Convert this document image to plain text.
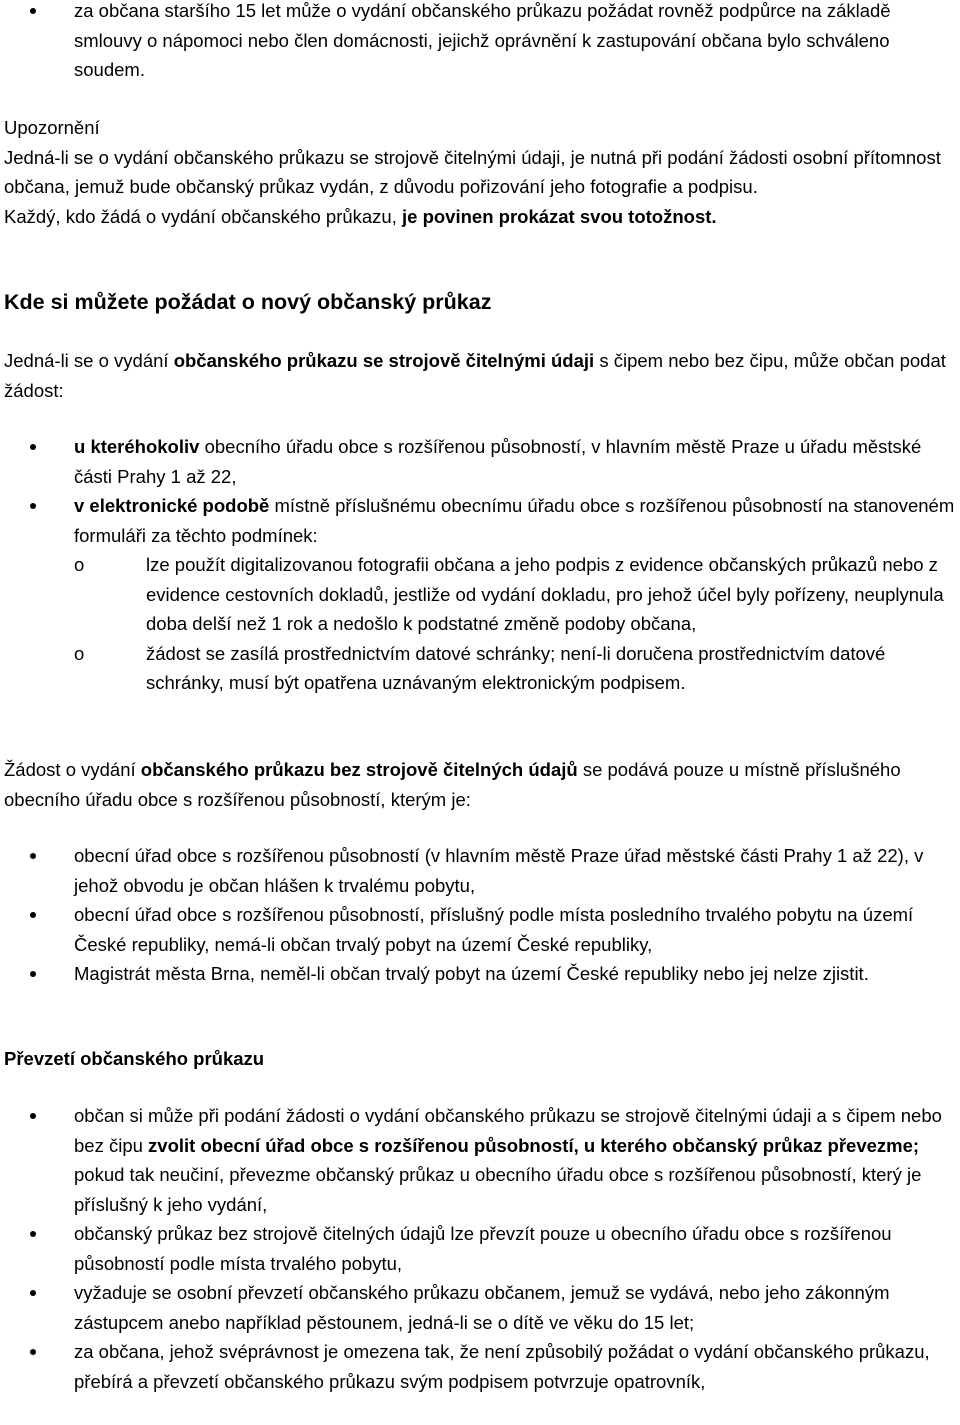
za občana staršího 15 let může o vydání občanského průkazu požádat rovněž podpůrce na základě smlouvy o nápomoci nebo člen domácnosti, jejichž oprávnění k zastupování občana bylo schváleno soudem.

Upozornění

Jedná-li se o vydání občanského průkazu se strojově čitelnými údaji, je nutná při podání žádosti osobní přítomnost občana, jemuž bude občanský průkaz vydán, z důvodu pořizování jeho fotografie a podpisu.

Každý, kdo žádá o vydání občanského průkazu, je povinen prokázat svou totožnost.

Kde si můžete požádat o nový občanský průkaz

Jedná-li se o vydání občanského průkazu se strojově čitelnými údaji s čipem nebo bez čipu, může občan podat žádost:

u kteréhokoliv obecního úřadu obce s rozšířenou působností, v hlavním městě Praze u úřadu městské části Prahy 1 až 22,
v elektronické podobě místně příslušnému obecnímu úřadu obce s rozšířenou působností na stanoveném formuláři za těchto podmínek:
o	lze použít digitalizovanou fotografii občana a jeho podpis z evidence občanských průkazů nebo z evidence cestovních dokladů, jestliže od vydání dokladu, pro jehož účel byly pořízeny, neuplynula doba delší než 1 rok a nedošlo k podstatné změně podoby občana,
o	žádost se zasílá prostřednictvím datové schránky; není-li doručena prostřednictvím datové schránky, musí být opatřena uznávaným elektronickým podpisem.

Žádost o vydání občanského průkazu bez strojově čitelných údajů se podává pouze u místně příslušného obecního úřadu obce s rozšířenou působností, kterým je:

obecní úřad obce s rozšířenou působností (v hlavním městě Praze úřad městské části Prahy 1 až 22), v jehož obvodu je občan hlášen k trvalému pobytu,
obecní úřad obce s rozšířenou působností, příslušný podle místa posledního trvalého pobytu na území České republiky, nemá-li občan trvalý pobyt na území České republiky,
Magistrát města Brna, neměl-li občan trvalý pobyt na území České republiky nebo jej nelze zjistit.

Převzetí občanského průkazu

občan si může při podání žádosti o vydání občanského průkazu se strojově čitelnými údaji a s čipem nebo bez čipu zvolit obecní úřad obce s rozšířenou působností, u kterého občanský průkaz převezme; pokud tak neučiní, převezme občanský průkaz u obecního úřadu obce s rozšířenou působností, který je příslušný k jeho vydání,
občanský průkaz bez strojově čitelných údajů lze převzít pouze u obecního úřadu obce s rozšířenou působností podle místa trvalého pobytu,
vyžaduje se osobní převzetí občanského průkazu občanem, jemuž se vydává, nebo jeho zákonným zástupcem anebo například pěstounem, jedná-li se o dítě ve věku do 15 let;
za občana, jehož svéprávnost je omezena tak, že není způsobilý požádat o vydání občanského průkazu, přebírá a převzetí občanského průkazu svým podpisem potvrzuje opatrovník,
